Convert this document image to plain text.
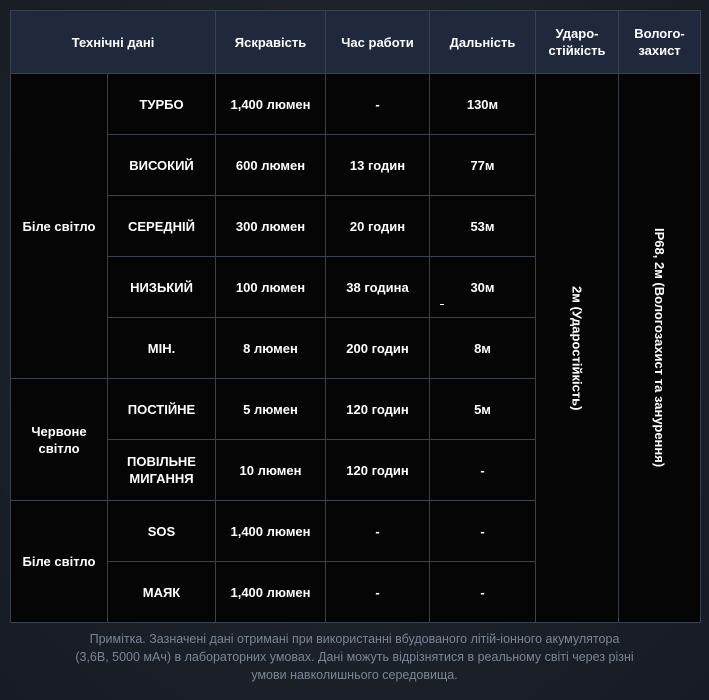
Технічні дані		Яскравість	Час работи	Дальність	Ударо-
стійкість	Волого-
захист
Біле світло	ТУРБО	1,400 люмен	-	130м	2м (Ударостійкість)	IP68, 2м (Вологозахист та занурення)

	ВИСОКИЙ	600 люмен	13 годин	77м		
	СЕРЕДНІЙ	300 люмен	20 годин	53м		
	НИЗЬКИЙ	100 люмен	38 година	30м		
	МІН.	8 люмен	200 годин	8м		
Червоне
світло	ПОСТІЙНЕ	5 люмен	120 годин	5м		
	ПОВІЛЬНЕ
МИГАННЯ	10 люмен	120 годин	-		
Біле світло	SOS	1,400 люмен	-	-		
	МАЯК	1,400 люмен	-	-		
Примітка. Зазначені дані отримані при використанні вбудованого літій-іонного акумулятора
(3,6В, 5000 мАч) в лабораторних умовах. Дані можуть відрізнятися в реальному світі через різні
умови навколишнього середовища.
